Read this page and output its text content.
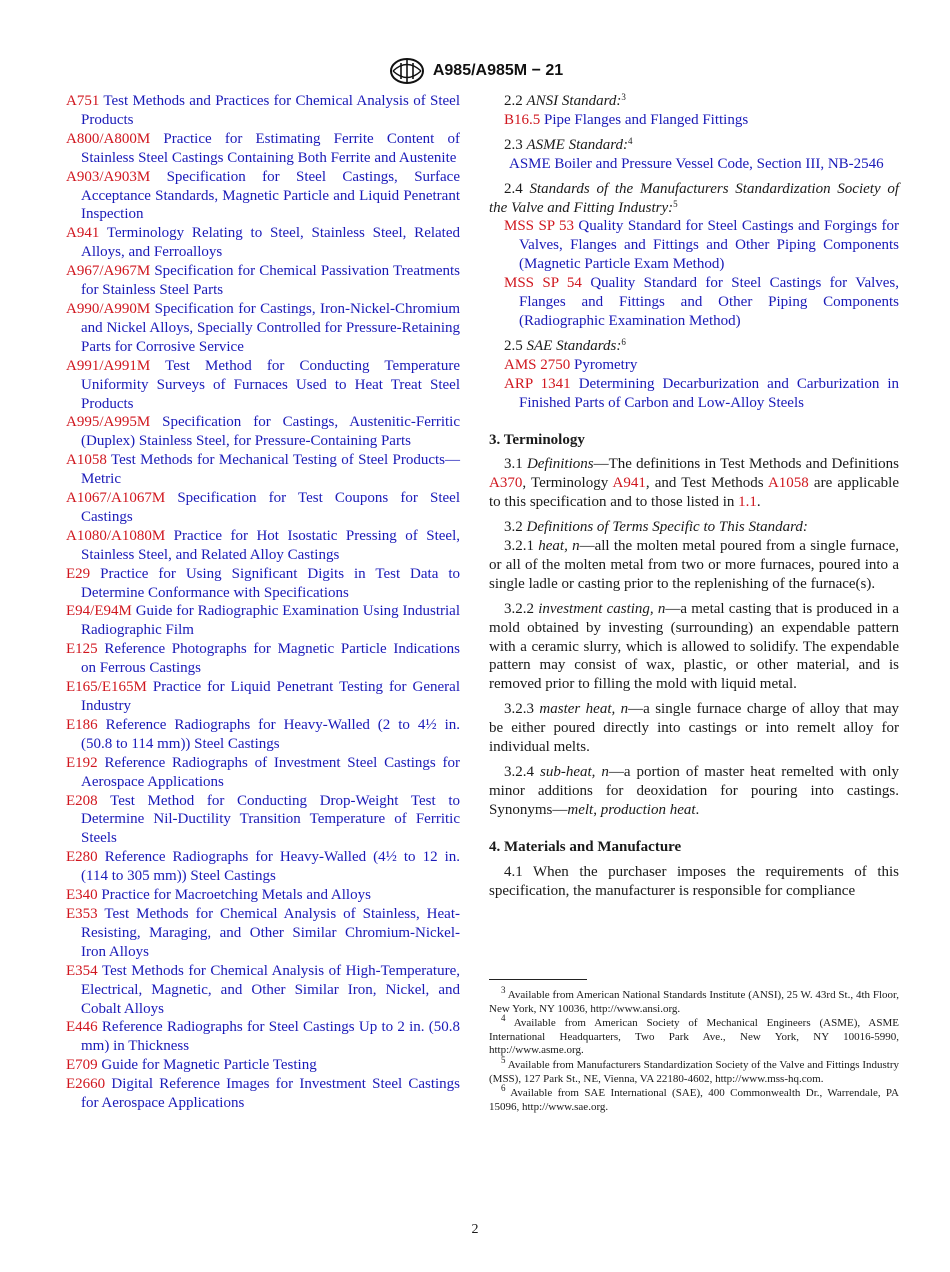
A985/A985M − 21
A751 Test Methods and Practices for Chemical Analysis of Steel Products
A800/A800M Practice for Estimating Ferrite Content of Stainless Steel Castings Containing Both Ferrite and Austenite
A903/A903M Specification for Steel Castings, Surface Acceptance Standards, Magnetic Particle and Liquid Penetrant Inspection
A941 Terminology Relating to Steel, Stainless Steel, Related Alloys, and Ferroalloys
A967/A967M Specification for Chemical Passivation Treatments for Stainless Steel Parts
A990/A990M Specification for Castings, Iron-Nickel-Chromium and Nickel Alloys, Specially Controlled for Pressure-Retaining Parts for Corrosive Service
A991/A991M Test Method for Conducting Temperature Uniformity Surveys of Furnaces Used to Heat Treat Steel Products
A995/A995M Specification for Castings, Austenitic-Ferritic (Duplex) Stainless Steel, for Pressure-Containing Parts
A1058 Test Methods for Mechanical Testing of Steel Products—Metric
A1067/A1067M Specification for Test Coupons for Steel Castings
A1080/A1080M Practice for Hot Isostatic Pressing of Steel, Stainless Steel, and Related Alloy Castings
E29 Practice for Using Significant Digits in Test Data to Determine Conformance with Specifications
E94/E94M Guide for Radiographic Examination Using Industrial Radiographic Film
E125 Reference Photographs for Magnetic Particle Indications on Ferrous Castings
E165/E165M Practice for Liquid Penetrant Testing for General Industry
E186 Reference Radiographs for Heavy-Walled (2 to 4½ in. (50.8 to 114 mm)) Steel Castings
E192 Reference Radiographs of Investment Steel Castings for Aerospace Applications
E208 Test Method for Conducting Drop-Weight Test to Determine Nil-Ductility Transition Temperature of Ferritic Steels
E280 Reference Radiographs for Heavy-Walled (4½ to 12 in. (114 to 305 mm)) Steel Castings
E340 Practice for Macroetching Metals and Alloys
E353 Test Methods for Chemical Analysis of Stainless, Heat-Resisting, Maraging, and Other Similar Chromium-Nickel-Iron Alloys
E354 Test Methods for Chemical Analysis of High-Temperature, Electrical, Magnetic, and Other Similar Iron, Nickel, and Cobalt Alloys
E446 Reference Radiographs for Steel Castings Up to 2 in. (50.8 mm) in Thickness
E709 Guide for Magnetic Particle Testing
E2660 Digital Reference Images for Investment Steel Castings for Aerospace Applications
2.2 ANSI Standard:$^3$
B16.5 Pipe Flanges and Flanged Fittings
2.3 ASME Standard:$^4$
ASME Boiler and Pressure Vessel Code, Section III, NB-2546
2.4 Standards of the Manufacturers Standardization Society of the Valve and Fitting Industry:$^5$
MSS SP 53 Quality Standard for Steel Castings and Forgings for Valves, Flanges and Fittings and Other Piping Components (Magnetic Particle Exam Method)
MSS SP 54 Quality Standard for Steel Castings for Valves, Flanges and Fittings and Other Piping Components (Radiographic Examination Method)
2.5 SAE Standards:$^6$
AMS 2750 Pyrometry
ARP 1341 Determining Decarburization and Carburization in Finished Parts of Carbon and Low-Alloy Steels
3. Terminology
3.1 Definitions—The definitions in Test Methods and Definitions A370, Terminology A941, and Test Methods A1058 are applicable to this specification and to those listed in 1.1.
3.2 Definitions of Terms Specific to This Standard:
3.2.1 heat, n—all the molten metal poured from a single furnace, or all of the molten metal from two or more furnaces, poured into a single ladle or casting prior to the replenishing of the furnace(s).
3.2.2 investment casting, n—a metal casting that is produced in a mold obtained by investing (surrounding) an expendable pattern with a ceramic slurry, which is allowed to solidify. The expendable pattern may consist of wax, plastic, or other material, and is removed prior to filling the mold with liquid metal.
3.2.3 master heat, n—a single furnace charge of alloy that may be either poured directly into castings or into remelt alloy for individual melts.
3.2.4 sub-heat, n—a portion of master heat remelted with only minor additions for deoxidation for pouring into castings. Synonyms—melt, production heat.
4. Materials and Manufacture
4.1 When the purchaser imposes the requirements of this specification, the manufacturer is responsible for compliance
$^3$ Available from American National Standards Institute (ANSI), 25 W. 43rd St., 4th Floor, New York, NY 10036, http://www.ansi.org.
$^4$ Available from American Society of Mechanical Engineers (ASME), ASME International Headquarters, Two Park Ave., New York, NY 10016-5990, http://www.asme.org.
$^5$ Available from Manufacturers Standardization Society of the Valve and Fittings Industry (MSS), 127 Park St., NE, Vienna, VA 22180-4602, http://www.mss-hq.com.
$^6$ Available from SAE International (SAE), 400 Commonwealth Dr., Warrendale, PA 15096, http://www.sae.org.
2
